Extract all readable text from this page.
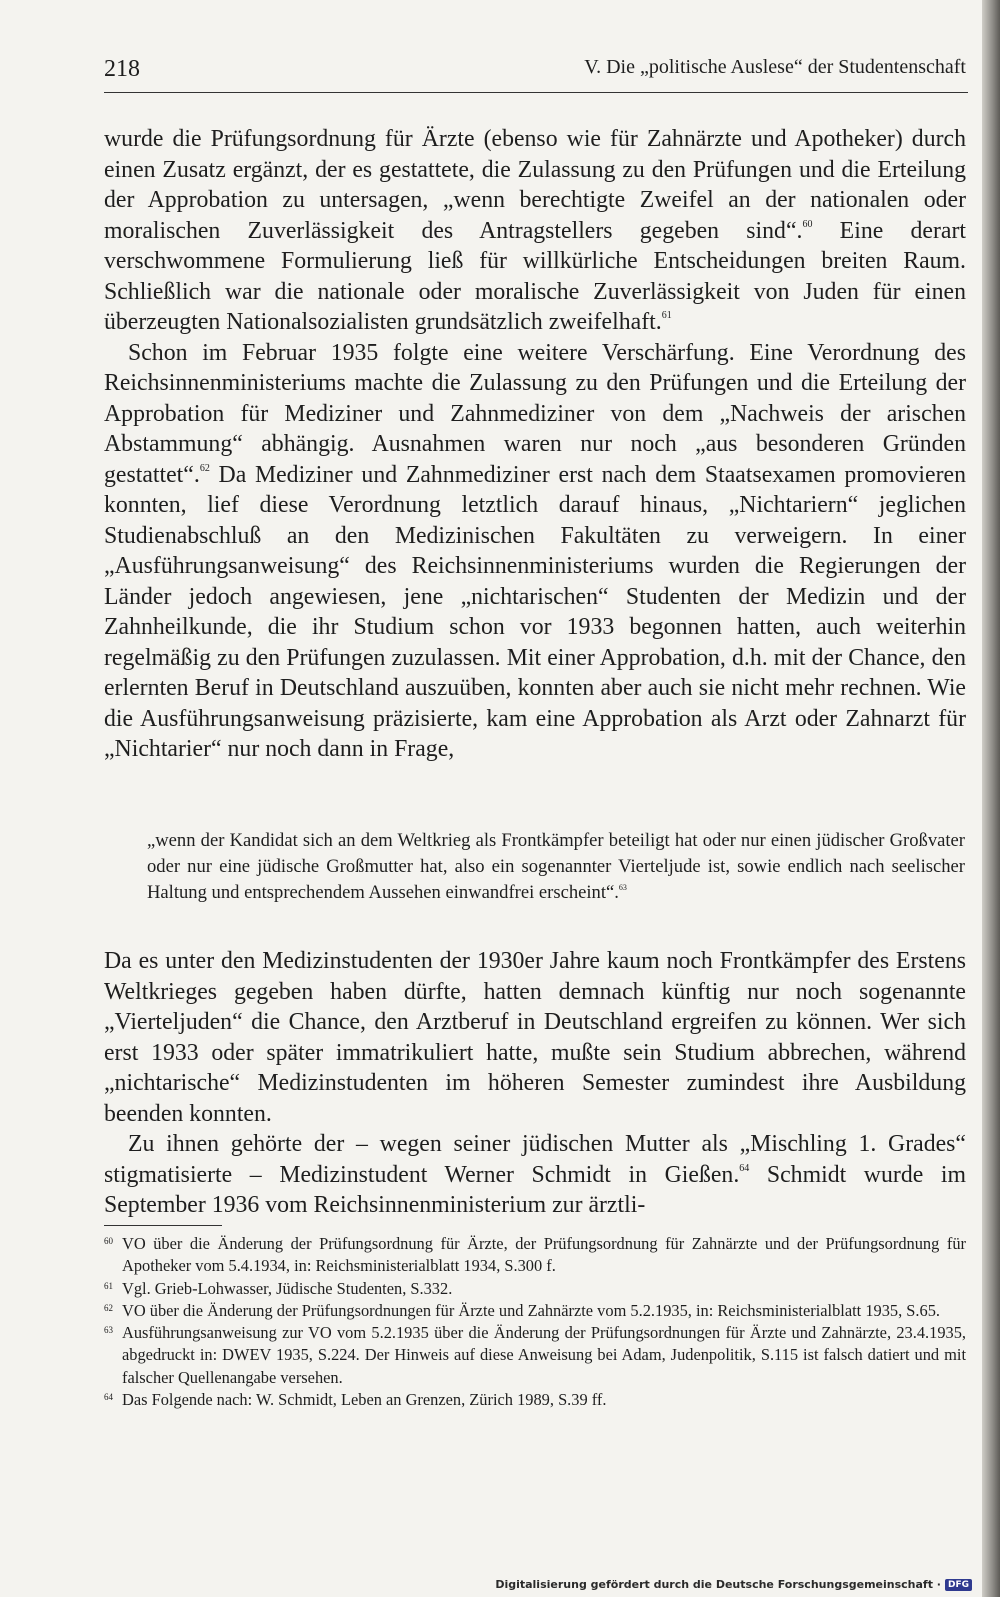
218	V. Die „politische Auslese“ der Studentenschaft

wurde die Prüfungsordnung für Ärzte (ebenso wie für Zahnärzte und Apotheker) durch einen Zusatz ergänzt, der es gestattete, die Zulassung zu den Prüfungen und die Erteilung der Approbation zu untersagen, „wenn berechtigte Zweifel an der nationalen oder moralischen Zuverlässigkeit des Antragstellers gegeben sind“.$^{60}$ Eine derart verschwommene Formulierung ließ für willkürliche Entscheidungen breiten Raum. Schließlich war die nationale oder moralische Zuverlässigkeit von Juden für einen überzeugten Nationalsozialisten grundsätzlich zweifelhaft.$^{61}$

Schon im Februar 1935 folgte eine weitere Verschärfung. Eine Verordnung des Reichsinnenministeriums machte die Zulassung zu den Prüfungen und die Erteilung der Approbation für Mediziner und Zahnmediziner von dem „Nachweis der arischen Abstammung“ abhängig. Ausnahmen waren nur noch „aus besonderen Gründen gestattet“.$^{62}$ Da Mediziner und Zahnmediziner erst nach dem Staatsexamen promovieren konnten, lief diese Verordnung letztlich darauf hinaus, „Nichtariern“ jeglichen Studienabschluß an den Medizinischen Fakultäten zu verweigern. In einer „Ausführungsanweisung“ des Reichsinnenministeriums wurden die Regierungen der Länder jedoch angewiesen, jene „nichtarischen“ Studenten der Medizin und der Zahnheilkunde, die ihr Studium schon vor 1933 begonnen hatten, auch weiterhin regelmäßig zu den Prüfungen zuzulassen. Mit einer Approbation, d.h. mit der Chance, den erlernten Beruf in Deutschland auszuüben, konnten aber auch sie nicht mehr rechnen. Wie die Ausführungsanweisung präzisierte, kam eine Approbation als Arzt oder Zahnarzt für „Nichtarier“ nur noch dann in Frage,

„wenn der Kandidat sich an dem Weltkrieg als Frontkämpfer beteiligt hat oder nur einen jüdischer Großvater oder nur eine jüdische Großmutter hat, also ein sogenannter Vierteljude ist, sowie endlich nach seelischer Haltung und entsprechendem Aussehen einwandfrei erscheint“.$^{63}$

Da es unter den Medizinstudenten der 1930er Jahre kaum noch Frontkämpfer des Erstens Weltkrieges gegeben haben dürfte, hatten demnach künftig nur noch sogenannte „Vierteljuden“ die Chance, den Arztberuf in Deutschland ergreifen zu können. Wer sich erst 1933 oder später immatrikuliert hatte, mußte sein Studium abbrechen, während „nichtarische“ Medizinstudenten im höheren Semester zumindest ihre Ausbildung beenden konnten.

Zu ihnen gehörte der – wegen seiner jüdischen Mutter als „Mischling 1. Grades“ stigmatisierte – Medizinstudent Werner Schmidt in Gießen.$^{64}$ Schmidt wurde im September 1936 vom Reichsinnenministerium zur ärztli-

60 VO über die Änderung der Prüfungsordnung für Ärzte, der Prüfungsordnung für Zahnärzte und der Prüfungsordnung für Apotheker vom 5.4.1934, in: Reichsministerialblatt 1934, S.300 f.
61 Vgl. Grieb-Lohwasser, Jüdische Studenten, S.332.
62 VO über die Änderung der Prüfungsordnungen für Ärzte und Zahnärzte vom 5.2.1935, in: Reichsministerialblatt 1935, S.65.
63 Ausführungsanweisung zur VO vom 5.2.1935 über die Änderung der Prüfungsordnungen für Ärzte und Zahnärzte, 23.4.1935, abgedruckt in: DWEV 1935, S.224. Der Hinweis auf diese Anweisung bei Adam, Judenpolitik, S.115 ist falsch datiert und mit falscher Quellenangabe versehen.
64 Das Folgende nach: W. Schmidt, Leben an Grenzen, Zürich 1989, S.39 ff.
Digitalisierung gefördert durch die Deutsche Forschungsgemeinschaft · DFG
